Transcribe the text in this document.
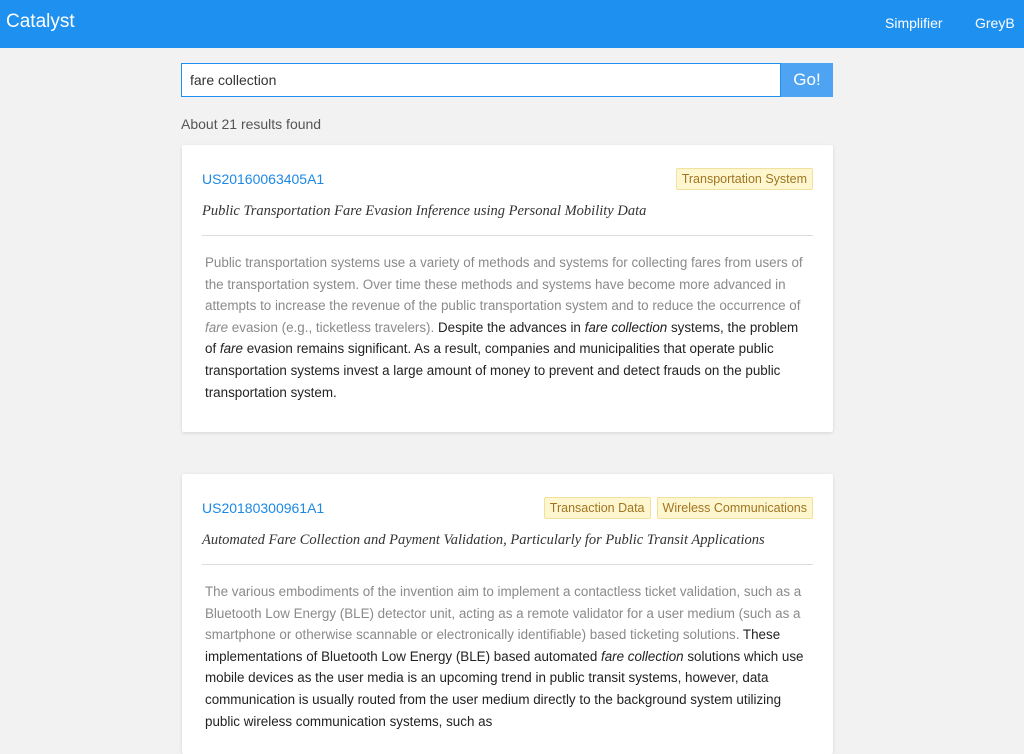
Catalyst	Simplifier GreyB
fare collection
Go!
About 21 results found
US20160063405A1	Transportation System
Public Transportation Fare Evasion Inference using Personal Mobility Data
Public transportation systems use a variety of methods and systems for collecting fares from users of the transportation system. Over time these methods and systems have become more advanced in attempts to increase the revenue of the public transportation system and to reduce the occurrence of fare evasion (e.g., ticketless travelers). Despite the advances in fare collection systems, the problem of fare evasion remains significant. As a result, companies and municipalities that operate public transportation systems invest a large amount of money to prevent and detect frauds on the public transportation system.
US20180300961A1	Transaction Data	Wireless Communications
Automated Fare Collection and Payment Validation, Particularly for Public Transit Applications
The various embodiments of the invention aim to implement a contactless ticket validation, such as a Bluetooth Low Energy (BLE) detector unit, acting as a remote validator for a user medium (such as a smartphone or otherwise scannable or electronically identifiable) based ticketing solutions. These implementations of Bluetooth Low Energy (BLE) based automated fare collection solutions which use mobile devices as the user media is an upcoming trend in public transit systems, however, data communication is usually routed from the user medium directly to the background system utilizing public wireless communication systems, such as
